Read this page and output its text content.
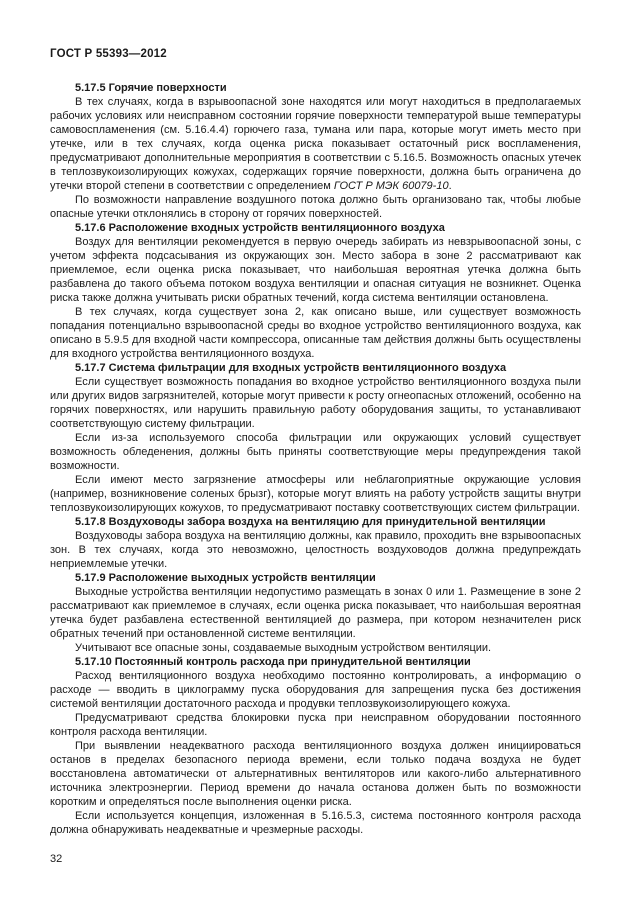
ГОСТ Р 55393—2012
5.17.5 Горячие поверхности

В тех случаях, когда в взрывоопасной зоне находятся или могут находиться в предполагаемых рабочих условиях или неисправном состоянии горячие поверхности температурой выше температуры самовоспламенения (см. 5.16.4.4) горючего газа, тумана или пара, которые могут иметь место при утечке, или в тех случаях, когда оценка риска показывает остаточный риск воспламенения, предусматривают дополнительные мероприятия в соответствии с 5.16.5. Возможность опасных утечек в теплозвукоизолирующих кожухах, содержащих горячие поверхности, должна быть ограничена до утечки второй степени в соответствии с определением ГОСТ Р МЭК 60079-10.

По возможности направление воздушного потока должно быть организовано так, чтобы любые опасные утечки отклонялись в сторону от горячих поверхностей.

5.17.6 Расположение входных устройств вентиляционного воздуха

Воздух для вентиляции рекомендуется в первую очередь забирать из невзрывоопасной зоны, с учетом эффекта подсасывания из окружающих зон. Место забора в зоне 2 рассматривают как приемлемое, если оценка риска показывает, что наибольшая вероятная утечка должна быть разбавлена до такого объема потоком воздуха вентиляции и опасная ситуация не возникнет. Оценка риска также должна учитывать риски обратных течений, когда система вентиляции остановлена.

В тех случаях, когда существует зона 2, как описано выше, или существует возможность попадания потенциально взрывоопасной среды во входное устройство вентиляционного воздуха, как описано в 5.9.5 для входной части компрессора, описанные там действия должны быть осуществлены для входного устройства вентиляционного воздуха.

5.17.7 Система фильтрации для входных устройств вентиляционного воздуха

Если существует возможность попадания во входное устройство вентиляционного воздуха пыли или других видов загрязнителей, которые могут привести к росту огнеопасных отложений, особенно на горячих поверхностях, или нарушить правильную работу оборудования защиты, то устанавливают соответствующую систему фильтрации.

Если из-за используемого способа фильтрации или окружающих условий существует возможность обледенения, должны быть приняты соответствующие меры предупреждения такой возможности.

Если имеют место загрязнение атмосферы или неблагоприятные окружающие условия (например, возникновение соленых брызг), которые могут влиять на работу устройств защиты внутри теплозвукоизолирующих кожухов, то предусматривают поставку соответствующих систем фильтрации.

5.17.8 Воздуховоды забора воздуха на вентиляцию для принудительной вентиляции

Воздуховоды забора воздуха на вентиляцию должны, как правило, проходить вне взрывоопасных зон. В тех случаях, когда это невозможно, целостность воздуховодов должна предупреждать неприемлемые утечки.

5.17.9 Расположение выходных устройств вентиляции

Выходные устройства вентиляции недопустимо размещать в зонах 0 или 1. Размещение в зоне 2 рассматривают как приемлемое в случаях, если оценка риска показывает, что наибольшая вероятная утечка будет разбавлена естественной вентиляцией до размера, при котором незначителен риск обратных течений при остановленной системе вентиляции.

Учитывают все опасные зоны, создаваемые выходным устройством вентиляции.

5.17.10 Постоянный контроль расхода при принудительной вентиляции

Расход вентиляционного воздуха необходимо постоянно контролировать, а информацию о расходе — вводить в циклограмму пуска оборудования для запрещения пуска без достижения системой вентиляции достаточного расхода и продувки теплозвукоизолирующего кожуха.

Предусматривают средства блокировки пуска при неисправном оборудовании постоянного контроля расхода вентиляции.

При выявлении неадекватного расхода вентиляционного воздуха должен инициироваться останов в пределах безопасного периода времени, если только подача воздуха не будет восстановлена автоматически от альтернативных вентиляторов или какого-либо альтернативного источника электроэнергии. Период времени до начала останова должен быть по возможности коротким и определяться после выполнения оценки риска.

Если используется концепция, изложенная в 5.16.5.3, система постоянного контроля расхода должна обнаруживать неадекватные и чрезмерные расходы.

32
